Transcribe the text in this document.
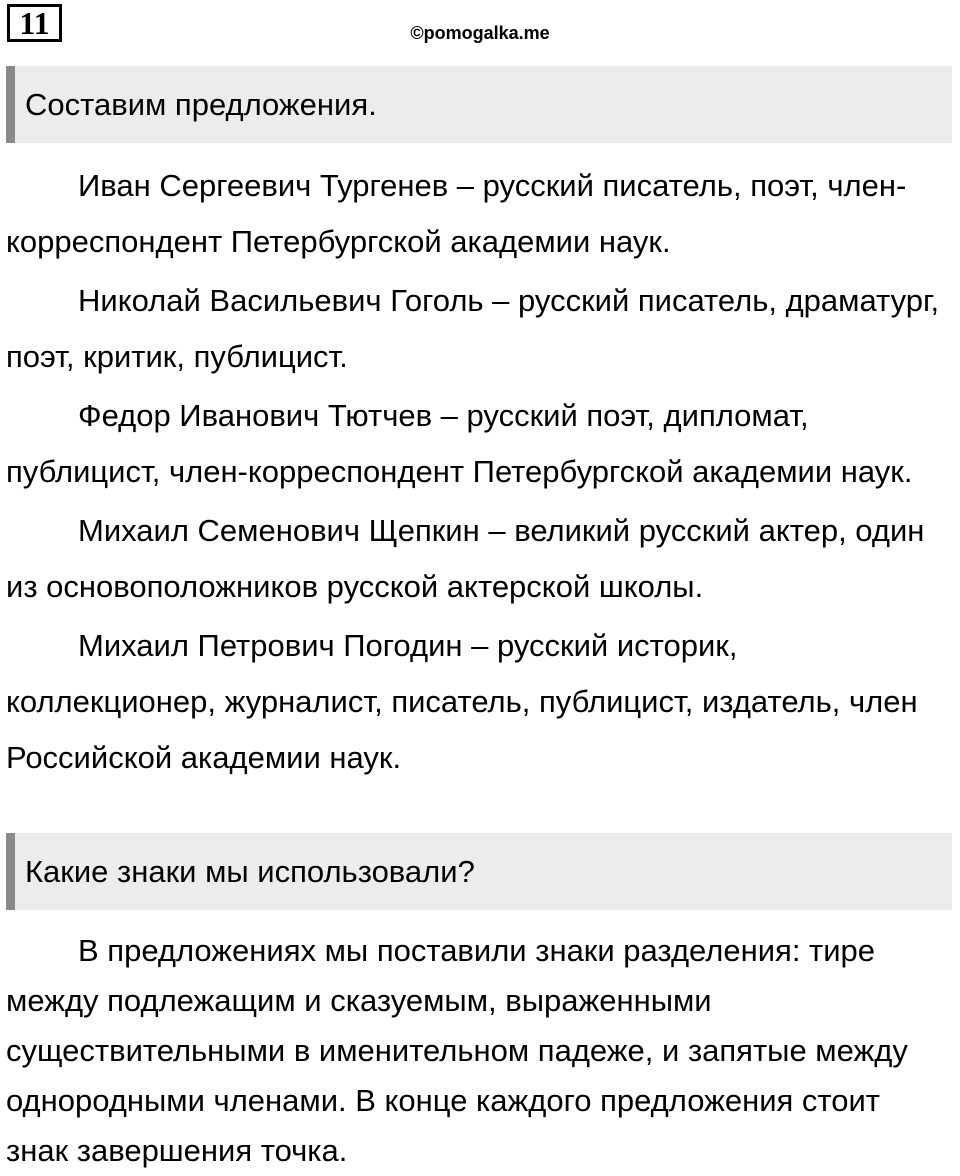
11	©pomogalka.me
Составим предложения.

Иван Сергеевич Тургенев – русский писатель, поэт, член-корреспондент Петербургской академии наук.

Николай Васильевич Гоголь – русский писатель, драматург, поэт, критик, публицист.

Федор Иванович Тютчев – русский поэт, дипломат, публицист, член-корреспондент Петербургской академии наук.

Михаил Семенович Щепкин – великий русский актер, один из основоположников русской актерской школы.

Михаил Петрович Погодин – русский историк, коллекционер, журналист, писатель, публицист, издатель, член Российской академии наук.

Какие знаки мы использовали?

В предложениях мы поставили знаки разделения: тире между подлежащим и сказуемым, выраженными существительными в именительном падеже, и запятые между однородными членами. В конце каждого предложения стоит знак завершения точка.
